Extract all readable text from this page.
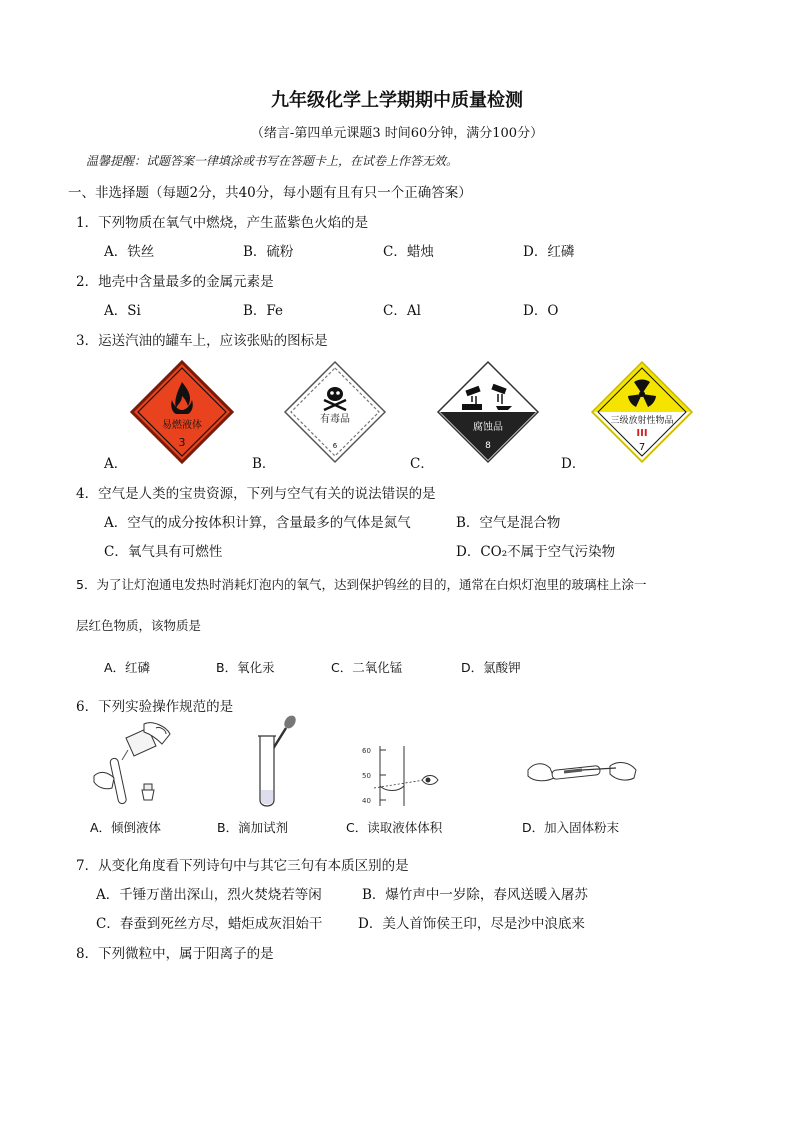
九年级化学上学期期中质量检测
（绪言-第四单元课题3 时间60分钟，满分100分）
温馨提醒：试题答案一律填涂或书写在答题卡上，在试卷上作答无效。
一、非选择题（每题2分，共40分，每小题有且有只一个正确答案）
1．下列物质在氧气中燃烧，产生蓝紫色火焰的是
A．铁丝	B．硫粉	C．蜡烛	D．红磷
2．地壳中含量最多的金属元素是
A．Si	B．Fe	C．Al	D．O
3．运送汽油的罐车上，应该张贴的图标是
易燃液体
3
有毒品
6
腐蚀品
8
三级放射性物品
III
7
A．	B．	C．	D．
4．空气是人类的宝贵资源，下列与空气有关的说法错误的是
A．空气的成分按体积计算，含量最多的气体是氮气	B．空气是混合物
C．氧气具有可燃性	D．CO₂不属于空气污染物
5．为了让灯泡通电发热时消耗灯泡内的氧气，达到保护钨丝的目的，通常在白炽灯泡里的玻璃柱上涂一
层红色物质，该物质是
A．红磷	B．氧化汞	C．二氧化锰	D．氯酸钾
6．下列实验操作规范的是
A．倾倒液体	B．滴加试剂
60
50
40
C．读取液体体积	D．加入固体粉末
7．从变化角度看下列诗句中与其它三句有本质区别的是
A．千锤万凿出深山，烈火焚烧若等闲	B．爆竹声中一岁除，春风送暖入屠苏
C．春蚕到死丝方尽，蜡炬成灰泪始干	D．美人首饰侯王印，尽是沙中浪底来
8．下列微粒中，属于阳离子的是
